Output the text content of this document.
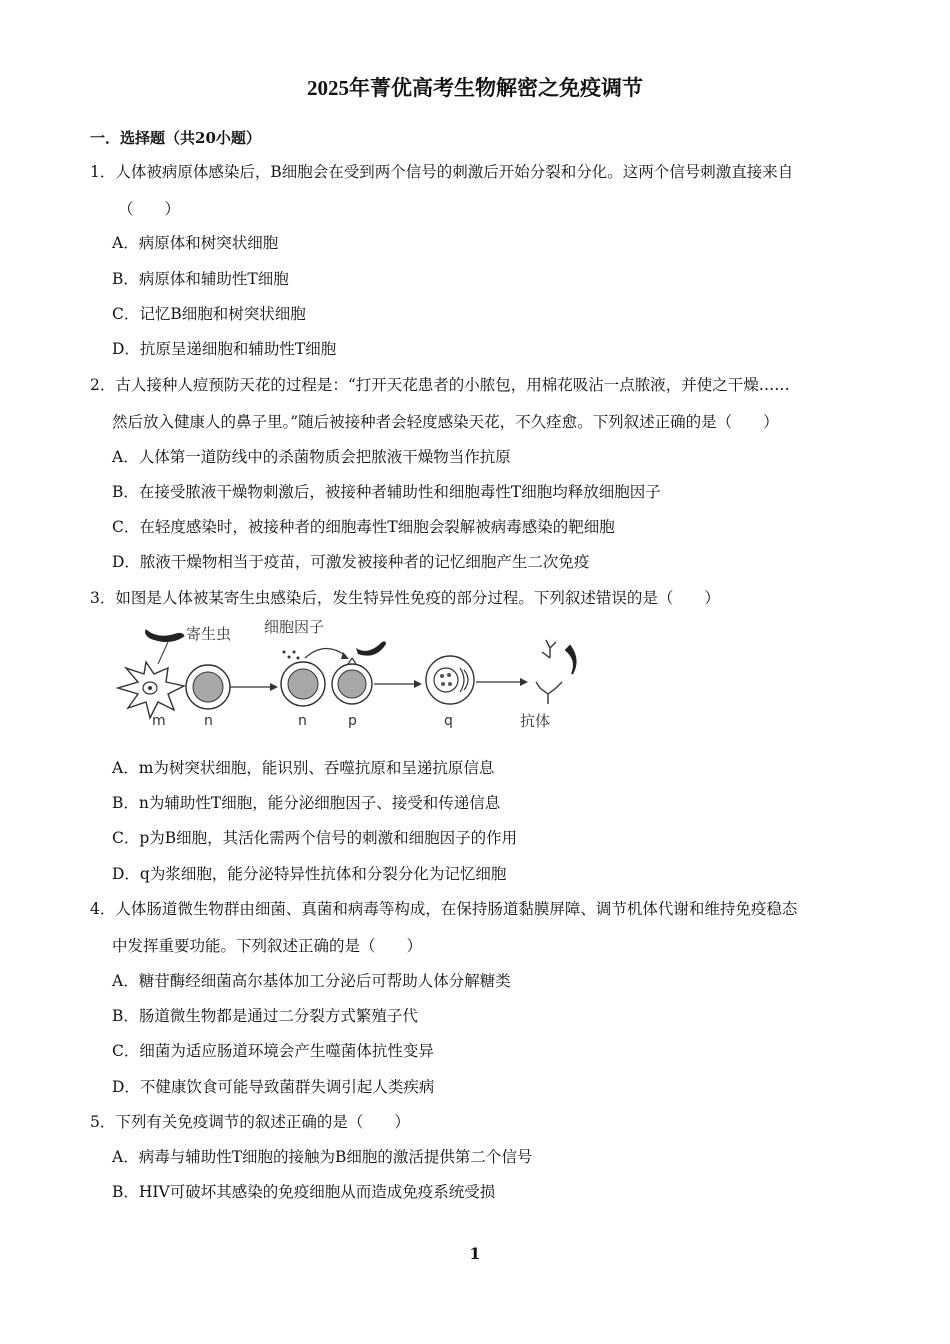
2025年菁优高考生物解密之免疫调节
一．选择题（共20小题）
1．人体被病原体感染后，B细胞会在受到两个信号的刺激后开始分裂和分化。这两个信号刺激直接来自
（　　）
A．病原体和树突状细胞
B．病原体和辅助性T细胞
C．记忆B细胞和树突状细胞
D．抗原呈递细胞和辅助性T细胞
2．古人接种人痘预防天花的过程是：“打开天花患者的小脓包，用棉花吸沾一点脓液，并使之干燥……
然后放入健康人的鼻子里。”随后被接种者会轻度感染天花，不久痊愈。下列叙述正确的是（　　）
A．人体第一道防线中的杀菌物质会把脓液干燥物当作抗原
B．在接受脓液干燥物刺激后，被接种者辅助性和细胞毒性T细胞均释放细胞因子
C．在轻度感染时，被接种者的细胞毒性T细胞会裂解被病毒感染的靶细胞
D．脓液干燥物相当于疫苗，可激发被接种者的记忆细胞产生二次免疫
3．如图是人体被某寄生虫感染后，发生特异性免疫的部分过程。下列叙述错误的是（　　）
寄生虫
m	n
细胞因子
n	p	q	抗体
A．m为树突状细胞，能识别、吞噬抗原和呈递抗原信息
B．n为辅助性T细胞，能分泌细胞因子、接受和传递信息
C．p为B细胞，其活化需两个信号的刺激和细胞因子的作用
D．q为浆细胞，能分泌特异性抗体和分裂分化为记忆细胞
4．人体肠道微生物群由细菌、真菌和病毒等构成，在保持肠道黏膜屏障、调节机体代谢和维持免疫稳态
中发挥重要功能。下列叙述正确的是（　　）
A．糖苷酶经细菌高尔基体加工分泌后可帮助人体分解糖类
B．肠道微生物都是通过二分裂方式繁殖子代
C．细菌为适应肠道环境会产生噬菌体抗性变异
D．不健康饮食可能导致菌群失调引起人类疾病
5．下列有关免疫调节的叙述正确的是（　　）
A．病毒与辅助性T细胞的接触为B细胞的激活提供第二个信号
B．HIV可破坏其感染的免疫细胞从而造成免疫系统受损
1
